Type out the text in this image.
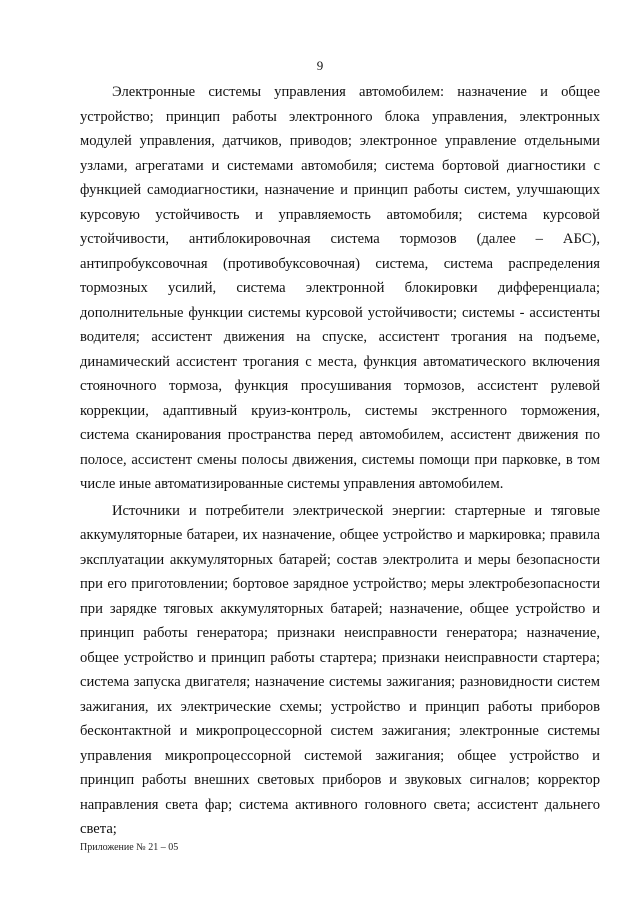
9

Электронные системы управления автомобилем: назначение и общее устройство; принцип работы электронного блока управления, электронных модулей управления, датчиков, приводов; электронное управление отдельными узлами, агрегатами и системами автомобиля; система бортовой диагностики с функцией самодиагностики, назначение и принцип работы систем, улучшающих курсовую устойчивость и управляемость автомобиля; система курсовой устойчивости, антиблокировочная система тормозов (далее – АБС), антипробуксовочная (противобуксовочная) система, система распределения тормозных усилий, система электронной блокировки дифференциала; дополнительные функции системы курсовой устойчивости; системы - ассистенты водителя; ассистент движения на спуске, ассистент трогания на подъеме, динамический ассистент трогания с места, функция автоматического включения стояночного тормоза, функция просушивания тормозов, ассистент рулевой коррекции, адаптивный круиз-контроль, системы экстренного торможения, система сканирования пространства перед автомобилем, ассистент движения по полосе, ассистент смены полосы движения, системы помощи при парковке, в том числе иные автоматизированные системы управления автомобилем.

Источники и потребители электрической энергии: стартерные и тяговые аккумуляторные батареи, их назначение, общее устройство и маркировка; правила эксплуатации аккумуляторных батарей; состав электролита и меры безопасности при его приготовлении; бортовое зарядное устройство; меры электробезопасности при зарядке тяговых аккумуляторных батарей; назначение, общее устройство и принцип работы генератора; признаки неисправности генератора; назначение, общее устройство и принцип работы стартера; признаки неисправности стартера; система запуска двигателя; назначение системы зажигания; разновидности систем зажигания, их электрические схемы; устройство и принцип работы приборов бесконтактной и микропроцессорной систем зажигания; электронные системы управления микропроцессорной системой зажигания; общее устройство и принцип работы внешних световых приборов и звуковых сигналов; корректор направления света фар; система активного головного света; ассистент дальнего света;

Приложение № 21 – 05
